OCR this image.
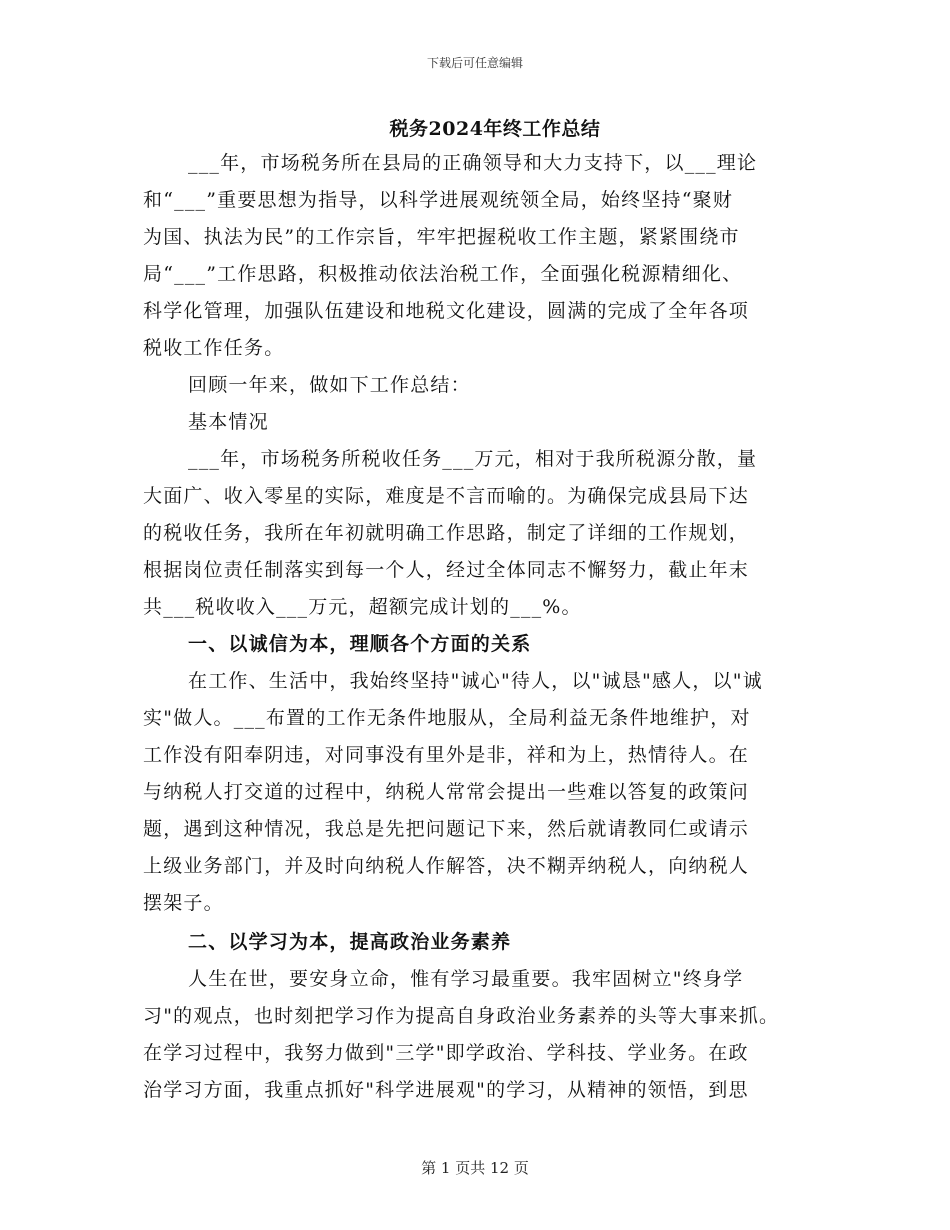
下载后可任意编辑
税务2024年终工作总结
___年，市场税务所在县局的正确领导和大力支持下，以___理论
和“___”重要思想为指导，以科学进展观统领全局，始终坚持“聚财
为国、执法为民”的工作宗旨，牢牢把握税收工作主题，紧紧围绕市
局“___”工作思路，积极推动依法治税工作，全面强化税源精细化、
科学化管理，加强队伍建设和地税文化建设，圆满的完成了全年各项
税收工作任务。
回顾一年来，做如下工作总结：
基本情况
___年，市场税务所税收任务___万元，相对于我所税源分散，量
大面广、收入零星的实际，难度是不言而喻的。为确保完成县局下达
的税收任务，我所在年初就明确工作思路，制定了详细的工作规划，
根据岗位责任制落实到每一个人，经过全体同志不懈努力，截止年末
共___税收收入___万元，超额完成计划的___%。
一、以诚信为本，理顺各个方面的关系
在工作、生活中，我始终坚持"诚心"待人，以"诚恳"感人，以"诚
实"做人。___布置的工作无条件地服从，全局利益无条件地维护，对
工作没有阳奉阴违，对同事没有里外是非，祥和为上，热情待人。在
与纳税人打交道的过程中，纳税人常常会提出一些难以答复的政策问
题，遇到这种情况，我总是先把问题记下来，然后就请教同仁或请示
上级业务部门，并及时向纳税人作解答，决不糊弄纳税人，向纳税人
摆架子。
二、以学习为本，提高政治业务素养
人生在世，要安身立命，惟有学习最重要。我牢固树立"终身学
习"的观点，也时刻把学习作为提高自身政治业务素养的头等大事来抓。
在学习过程中，我努力做到"三学"即学政治、学科技、学业务。在政
治学习方面，我重点抓好"科学进展观"的学习，从精神的领悟，到思
第 1 页共 12 页
